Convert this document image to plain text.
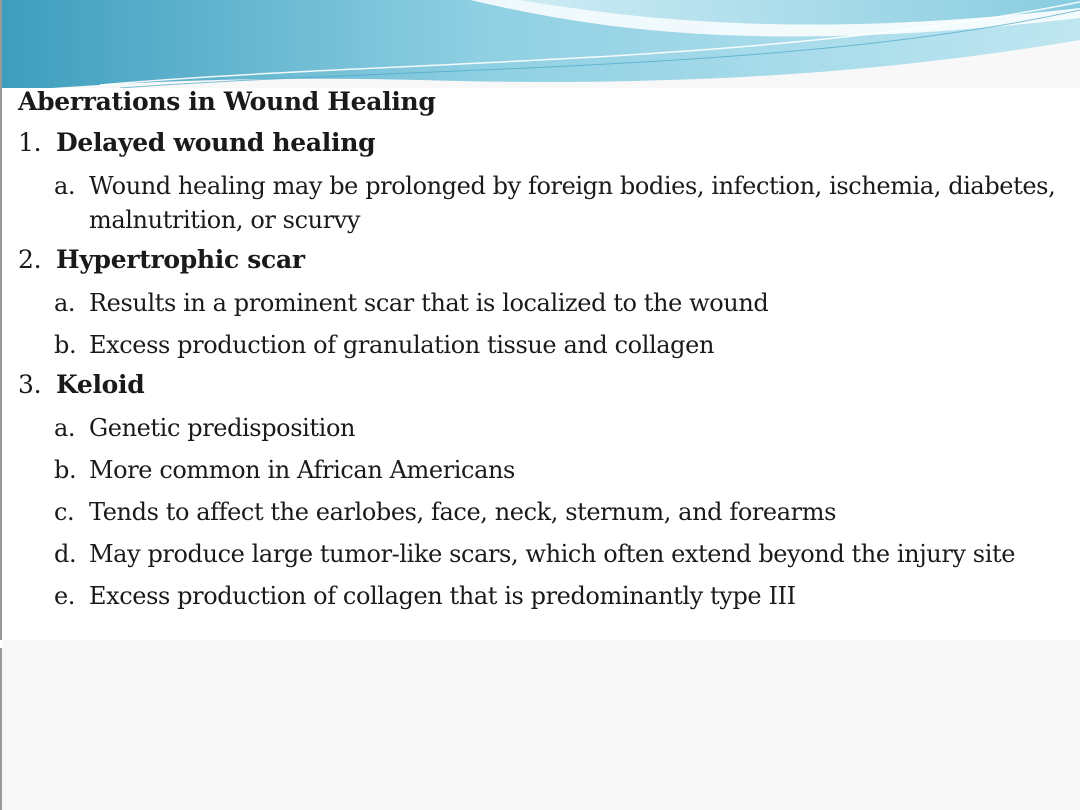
Aberrations in Wound Healing
1. Delayed wound healing
a. Wound healing may be prolonged by foreign bodies, infection, ischemia, diabetes, malnutrition, or scurvy
2. Hypertrophic scar
a. Results in a prominent scar that is localized to the wound
b. Excess production of granulation tissue and collagen
3. Keloid
a. Genetic predisposition
b. More common in African Americans
c. Tends to affect the earlobes, face, neck, sternum, and forearms
d. May produce large tumor-like scars, which often extend beyond the injury site
e. Excess production of collagen that is predominantly type III
